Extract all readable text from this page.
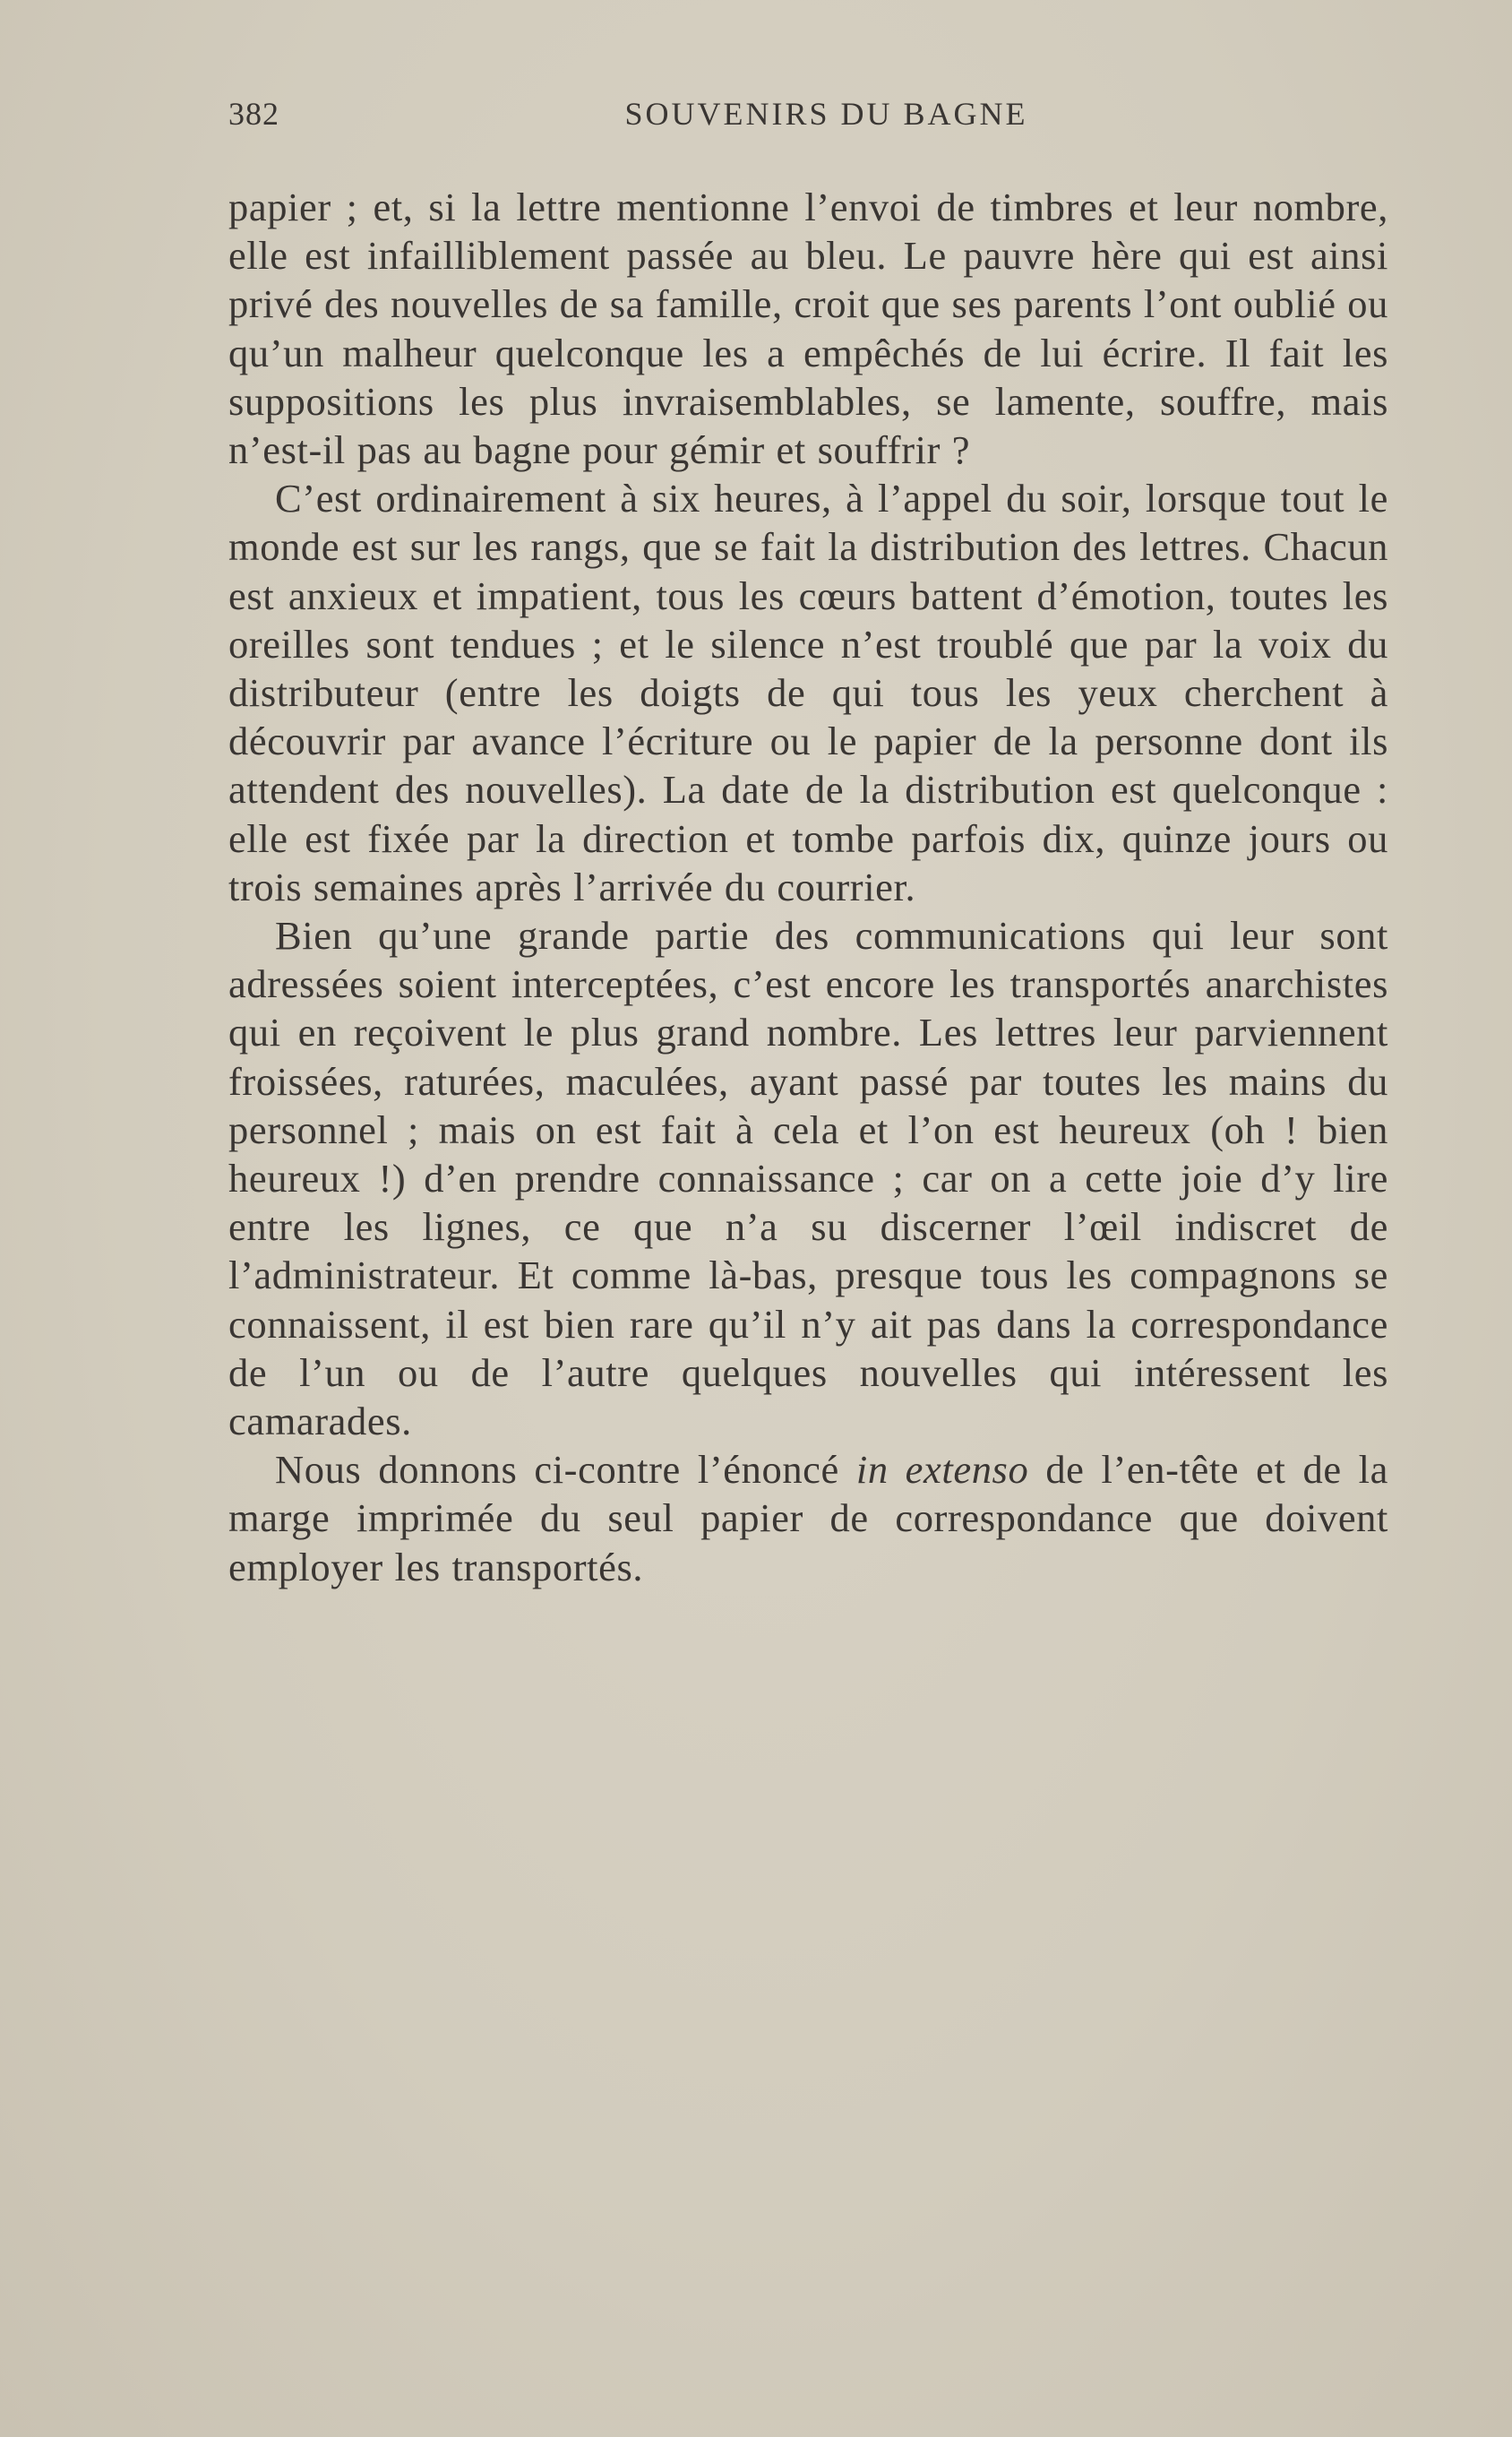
382	SOUVENIRS DU BAGNE

papier ; et, si la lettre mentionne l’envoi de timbres et leur nombre, elle est infailliblement passée au bleu. Le pauvre hère qui est ainsi privé des nouvelles de sa famille, croit que ses parents l’ont oublié ou qu’un malheur quelconque les a empêchés de lui écrire. Il fait les suppositions les plus invraisemblables, se lamente, souffre, mais n’est-il pas au bagne pour gémir et souffrir ?

C’est ordinairement à six heures, à l’appel du soir, lorsque tout le monde est sur les rangs, que se fait la distribution des lettres. Chacun est anxieux et impatient, tous les cœurs battent d’émotion, toutes les oreilles sont tendues ; et le silence n’est troublé que par la voix du distributeur (entre les doigts de qui tous les yeux cherchent à découvrir par avance l’écriture ou le papier de la personne dont ils attendent des nouvelles). La date de la distribution est quelconque : elle est fixée par la direction et tombe parfois dix, quinze jours ou trois semaines après l’arrivée du courrier.

Bien qu’une grande partie des communications qui leur sont adressées soient interceptées, c’est encore les transportés anarchistes qui en reçoivent le plus grand nombre. Les lettres leur parviennent froissées, raturées, maculées, ayant passé par toutes les mains du personnel ; mais on est fait à cela et l’on est heureux (oh ! bien heureux !) d’en prendre connaissance ; car on a cette joie d’y lire entre les lignes, ce que n’a su discerner l’œil indiscret de l’administrateur. Et comme là-bas, presque tous les compagnons se connaissent, il est bien rare qu’il n’y ait pas dans la correspondance de l’un ou de l’autre quelques nouvelles qui intéressent les camarades.

Nous donnons ci-contre l’énoncé in extenso de l’en-tête et de la marge imprimée du seul papier de correspondance que doivent employer les transportés.
